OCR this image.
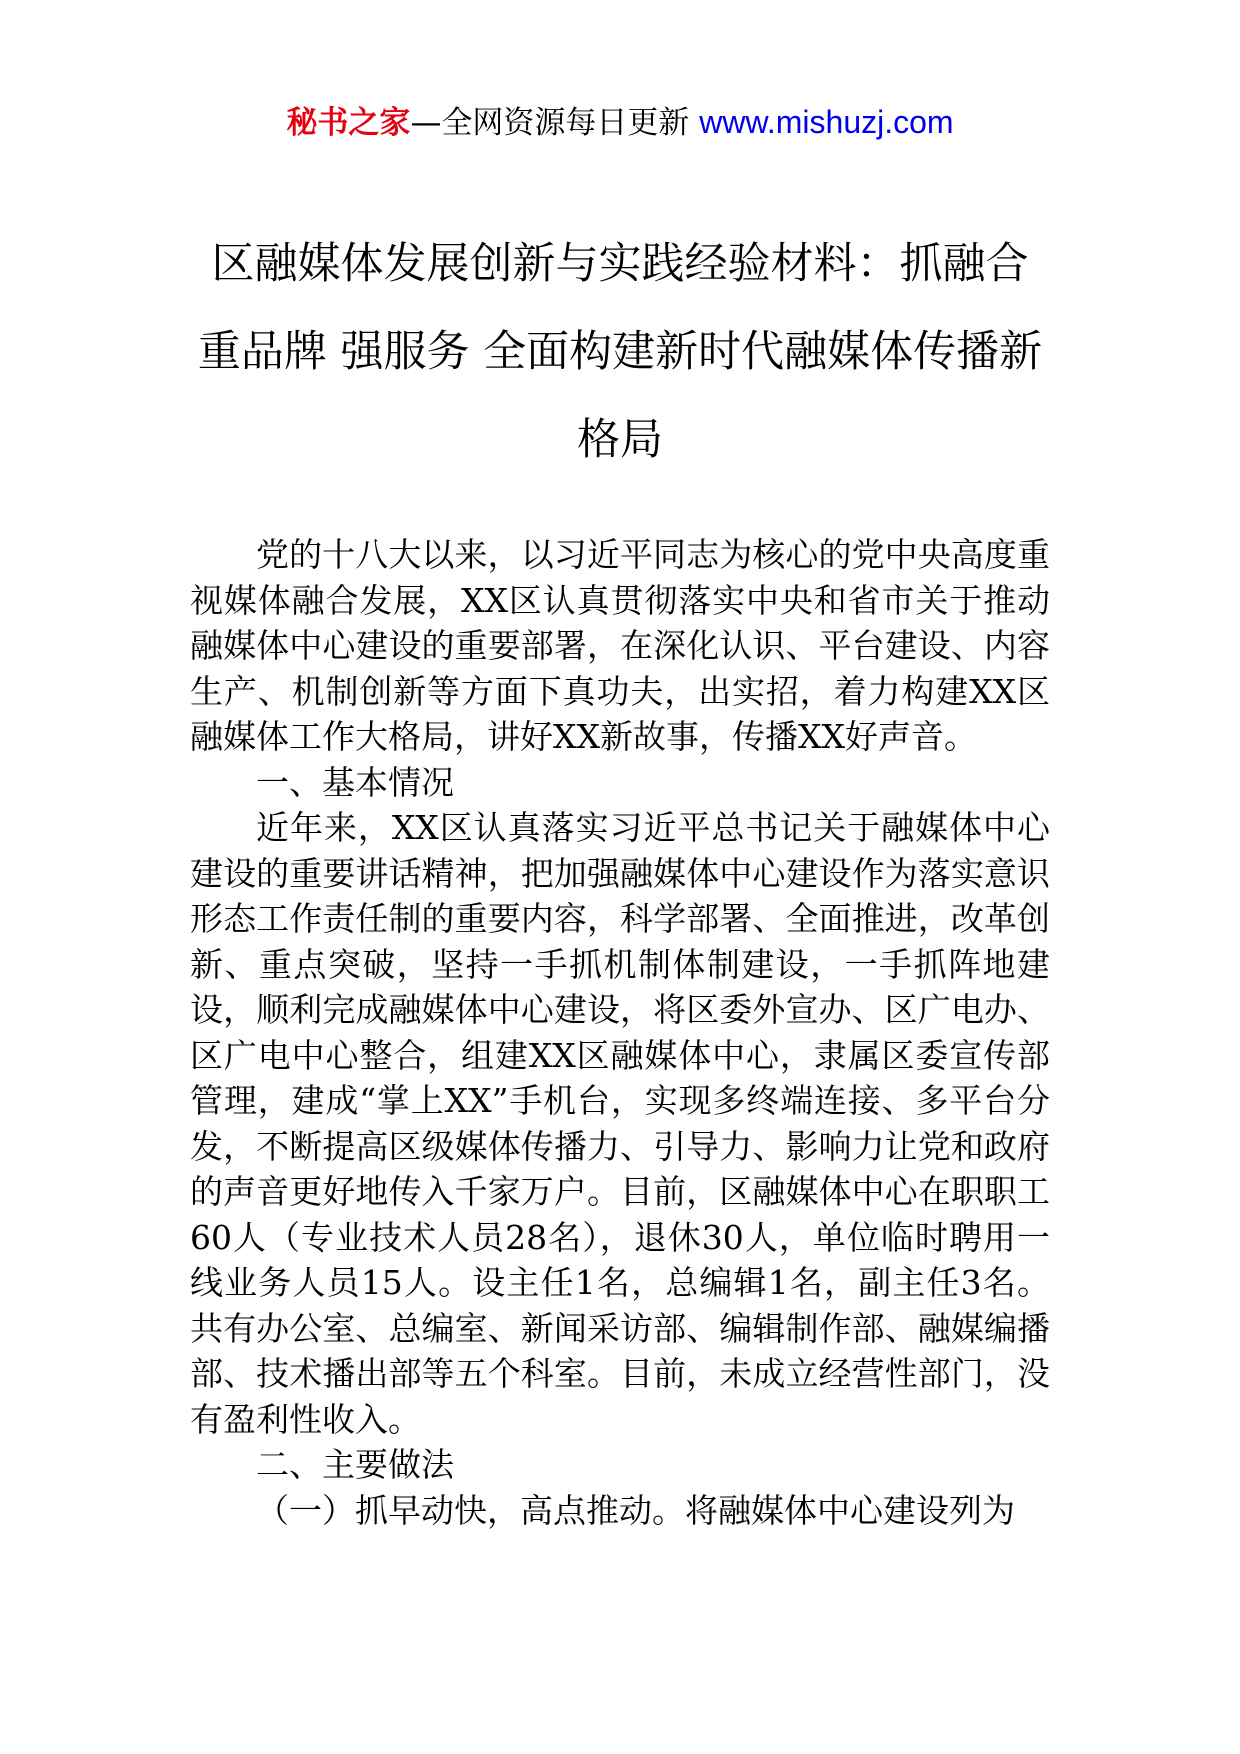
秘书之家—全网资源每日更新 www.mishuzj.com
区融媒体发展创新与实践经验材料：抓融合 重品牌 强服务 全面构建新时代融媒体传播新格局

党的十八大以来，以习近平同志为核心的党中央高度重视媒体融合发展，XX区认真贯彻落实中央和省市关于推动融媒体中心建设的重要部署，在深化认识、平台建设、内容生产、机制创新等方面下真功夫，出实招，着力构建XX区融媒体工作大格局，讲好XX新故事，传播XX好声音。

一、基本情况

近年来，XX区认真落实习近平总书记关于融媒体中心建设的重要讲话精神，把加强融媒体中心建设作为落实意识形态工作责任制的重要内容，科学部署、全面推进，改革创新、重点突破，坚持一手抓机制体制建设，一手抓阵地建设，顺利完成融媒体中心建设，将区委外宣办、区广电办、区广电中心整合，组建XX区融媒体中心，隶属区委宣传部管理，建成“掌上XX”手机台，实现多终端连接、多平台分发，不断提高区级媒体传播力、引导力、影响力让党和政府的声音更好地传入千家万户。目前，区融媒体中心在职职工60人（专业技术人员28名），退休30人，单位临时聘用一线业务人员15人。设主任1名，总编辑1名，副主任3名。共有办公室、总编室、新闻采访部、编辑制作部、融媒编播部、技术播出部等五个科室。目前，未成立经营性部门，没有盈利性收入。

二、主要做法

（一）抓早动快，高点推动。将融媒体中心建设列为
